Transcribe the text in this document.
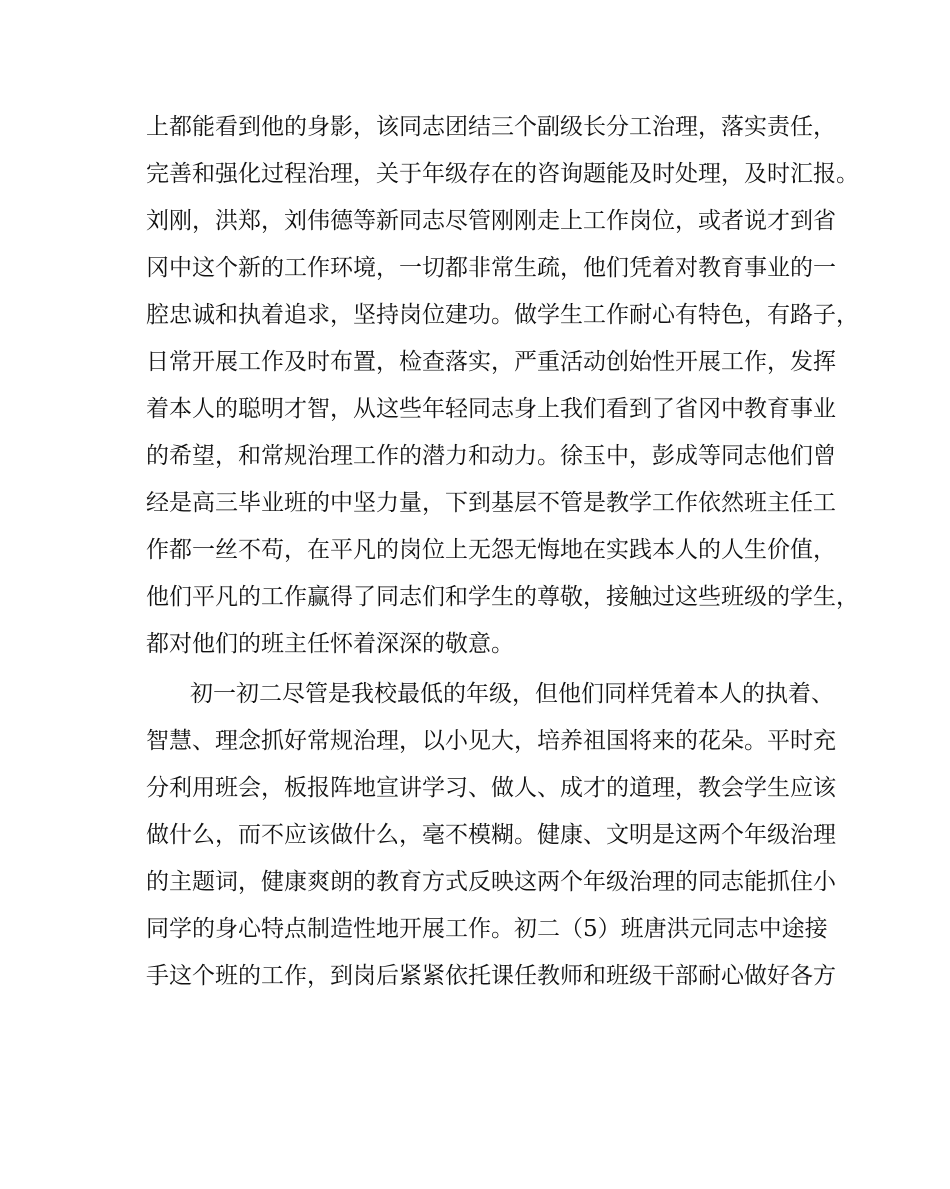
上都能看到他的身影，该同志团结三个副级长分工治理，落实责任，

完善和强化过程治理，关于年级存在的咨询题能及时处理，及时汇报。

刘刚，洪郑，刘伟德等新同志尽管刚刚走上工作岗位，或者说才到省

冈中这个新的工作环境，一切都非常生疏，他们凭着对教育事业的一

腔忠诚和执着追求，坚持岗位建功。做学生工作耐心有特色，有路子，

日常开展工作及时布置，检查落实，严重活动创始性开展工作，发挥

着本人的聪明才智，从这些年轻同志身上我们看到了省冈中教育事业

的希望，和常规治理工作的潜力和动力。徐玉中，彭成等同志他们曾

经是高三毕业班的中坚力量，下到基层不管是教学工作依然班主任工

作都一丝不苟，在平凡的岗位上无怨无悔地在实践本人的人生价值，

他们平凡的工作赢得了同志们和学生的尊敬，接触过这些班级的学生，

都对他们的班主任怀着深深的敬意。

初一初二尽管是我校最低的年级，但他们同样凭着本人的执着、

智慧、理念抓好常规治理，以小见大，培养祖国将来的花朵。平时充

分利用班会，板报阵地宣讲学习、做人、成才的道理，教会学生应该

做什么，而不应该做什么，毫不模糊。健康、文明是这两个年级治理

的主题词，健康爽朗的教育方式反映这两个年级治理的同志能抓住小

同学的身心特点制造性地开展工作。初二（5）班唐洪元同志中途接

手这个班的工作，到岗后紧紧依托课任教师和班级干部耐心做好各方
